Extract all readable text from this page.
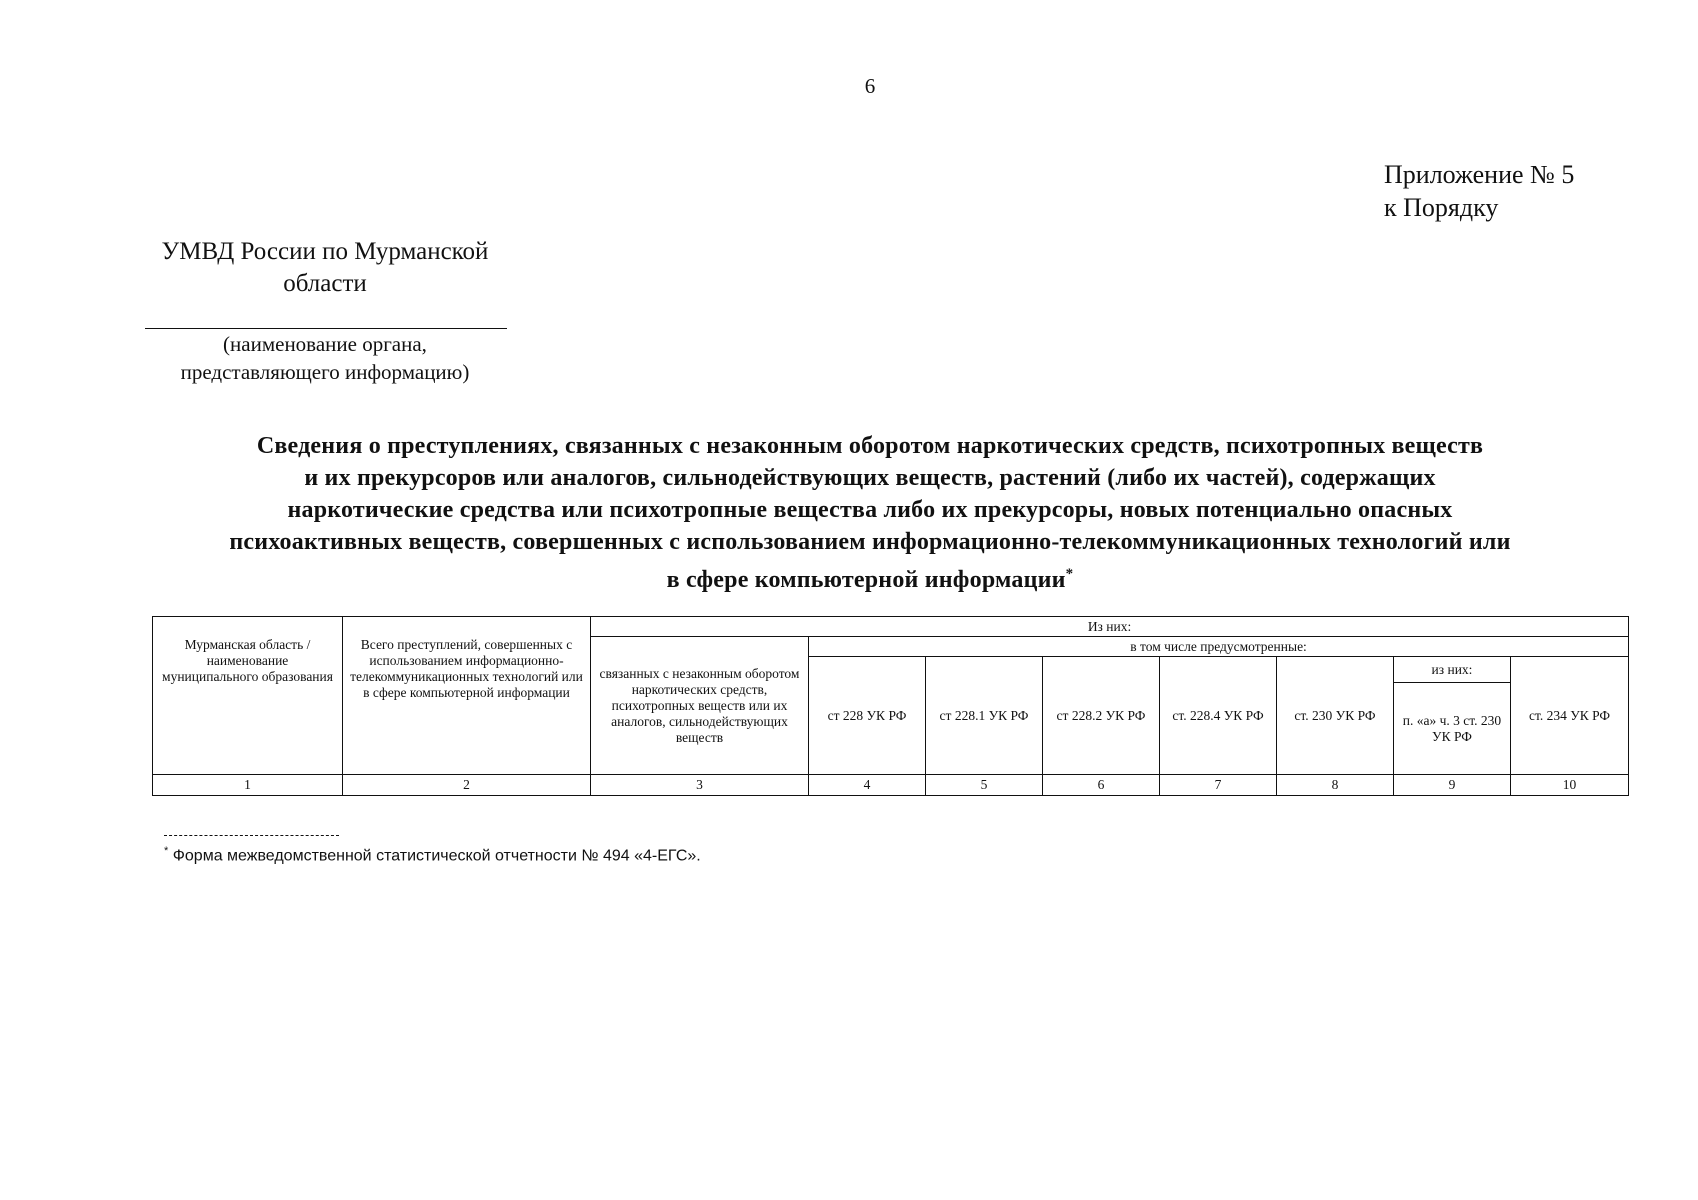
6
Приложение № 5
к Порядку
УМВД России по Мурманской
области
(наименование органа,
представляющего информацию)
Сведения о преступлениях, связанных с незаконным оборотом наркотических средств, психотропных веществ
и их прекурсоров или аналогов, сильнодействующих веществ, растений (либо их частей), содержащих
наркотические средства или психотропные вещества либо их прекурсоры, новых потенциально опасных
психоактивных веществ, совершенных с использованием информационно-телекоммуникационных технологий или
в сфере компьютерной информации*
Мурманская область / наименование муниципального образования	Всего преступлений, совершенных с использованием информационно-телекоммуникационных технологий или в сфере компьютерной информации	Из них:							
		связанных с незаконным оборотом наркотических средств, психотропных веществ или их аналогов, сильнодействующих веществ	в том числе предусмотренные:						
			ст 228 УК РФ	ст 228.1 УК РФ	ст 228.2 УК РФ	ст. 228.4 УК РФ	ст. 230 УК РФ	из них:	ст. 234 УК РФ
								п. «а» ч. 3 ст. 230 УК РФ	
1	2	3	4	5	6	7	8	9	10
* Форма межведомственной статистической отчетности № 494 «4-ЕГС».
